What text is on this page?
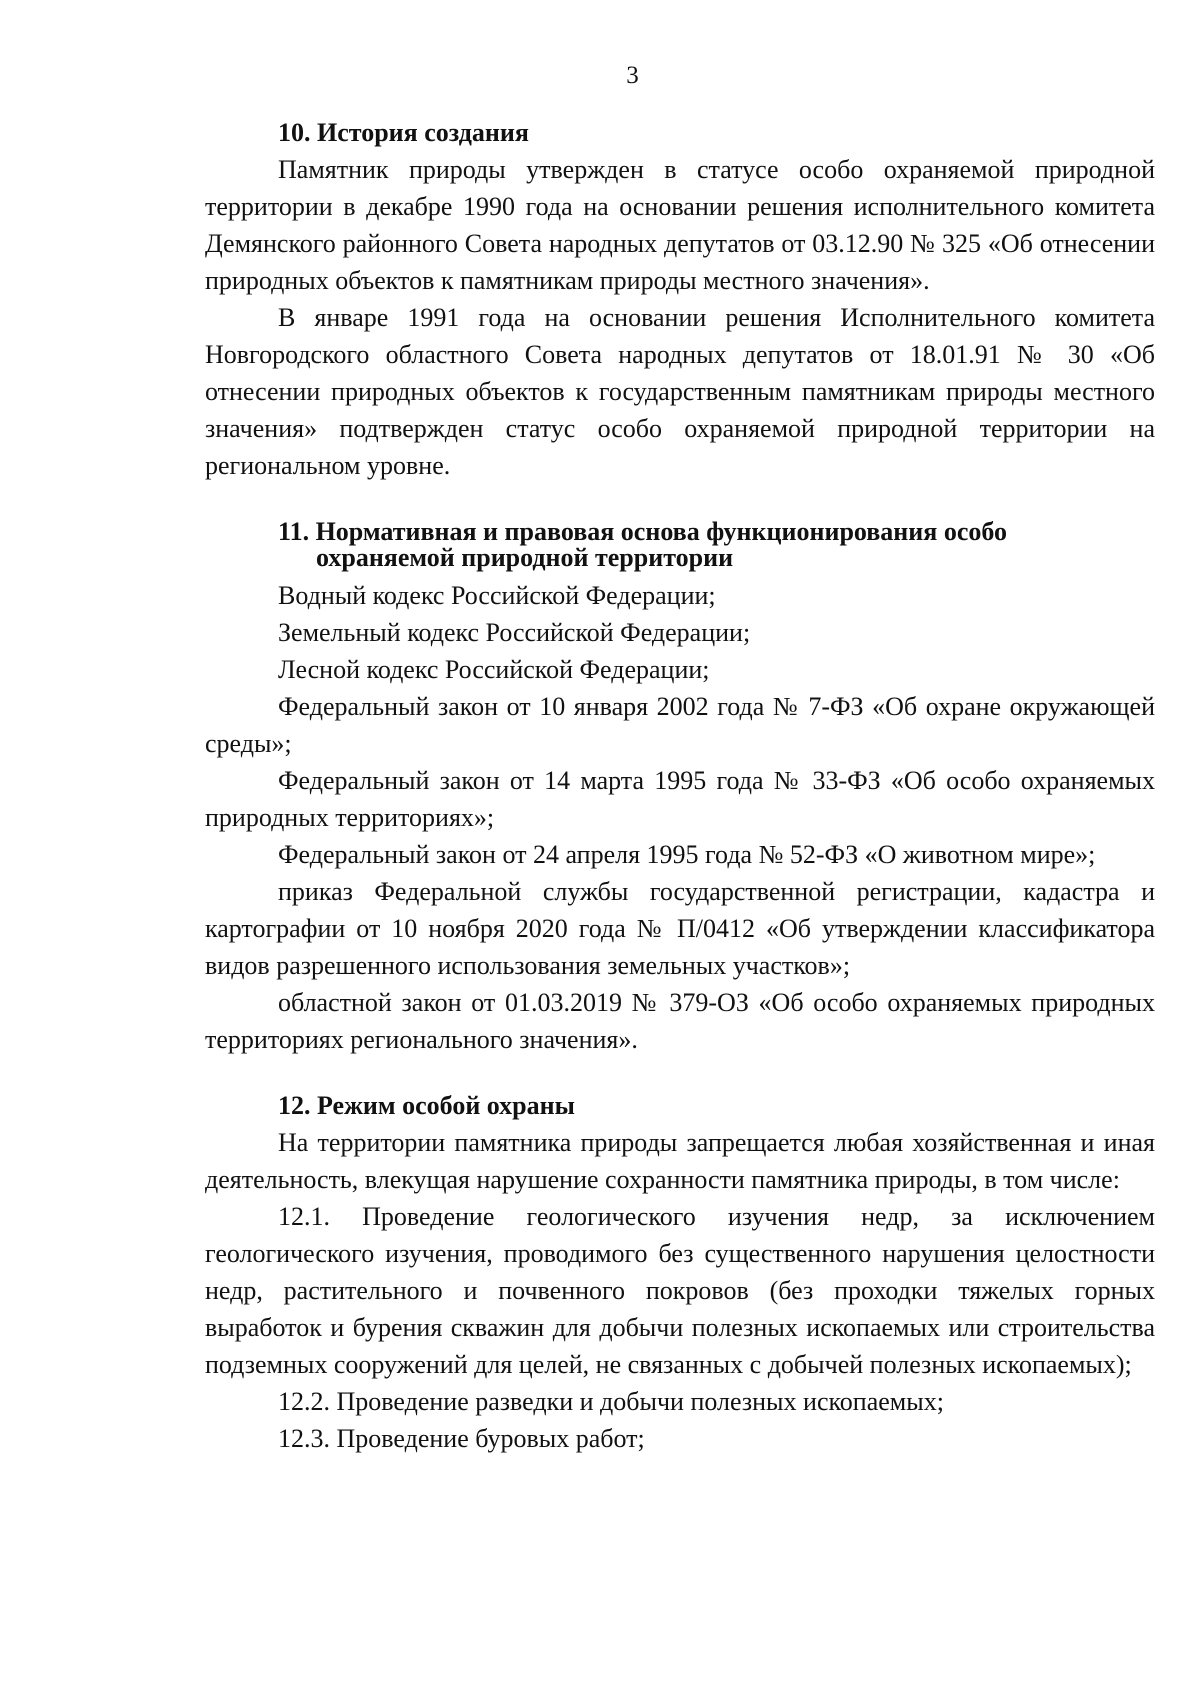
3

10. История создания

Памятник природы утвержден в статусе особо охраняемой природной территории в декабре 1990 года на основании решения исполнительного комитета Демянского районного Совета народных депутатов от 03.12.90 № 325 «Об отнесении природных объектов к памятникам природы местного значения».

В январе 1991 года на основании решения Исполнительного комитета Новгородского областного Совета народных депутатов от 18.01.91 № 30 «Об отнесении природных объектов к государственным памятникам природы местного значения» подтвержден статус особо охраняемой природной территории на региональном уровне.

11. Нормативная и правовая основа функционирования особо
охраняемой природной территории

Водный кодекс Российской Федерации;

Земельный кодекс Российской Федерации;

Лесной кодекс Российской Федерации;

Федеральный закон от 10 января 2002 года № 7-ФЗ «Об охране окружающей среды»;

Федеральный закон от 14 марта 1995 года № 33-ФЗ «Об особо охраняемых природных территориях»;

Федеральный закон от 24 апреля 1995 года № 52-ФЗ «О животном мире»;

приказ Федеральной службы государственной регистрации, кадастра и картографии от 10 ноября 2020 года № П/0412 «Об утверждении классификатора видов разрешенного использования земельных участков»;

областной закон от 01.03.2019 № 379-ОЗ «Об особо охраняемых природных территориях регионального значения».

12. Режим особой охраны

На территории памятника природы запрещается любая хозяйственная и иная деятельность, влекущая нарушение сохранности памятника природы, в том числе:

12.1. Проведение геологического изучения недр, за исключением геологического изучения, проводимого без существенного нарушения целостности недр, растительного и почвенного покровов (без проходки тяжелых горных выработок и бурения скважин для добычи полезных ископаемых или строительства подземных сооружений для целей, не связанных с добычей полезных ископаемых);

12.2. Проведение разведки и добычи полезных ископаемых;

12.3. Проведение буровых работ;
